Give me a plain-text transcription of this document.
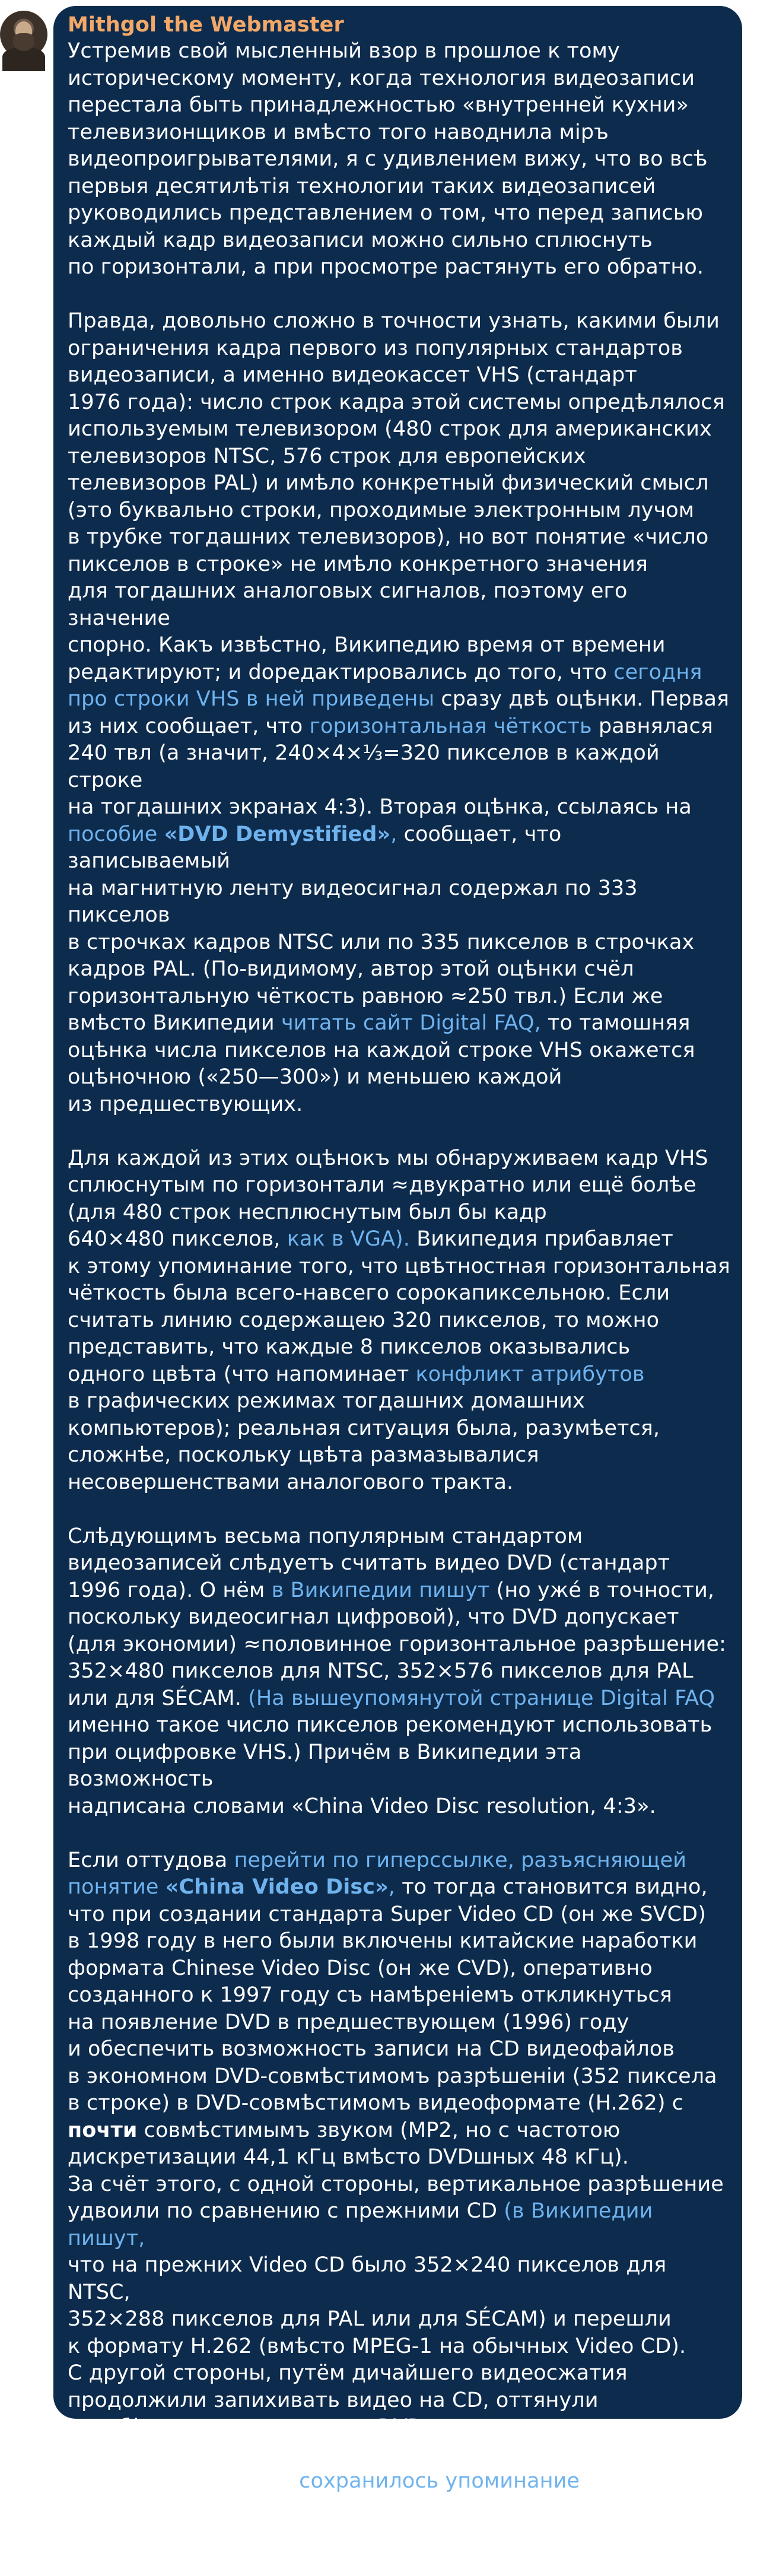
Mithgol the Webmaster
Устремив свой мысленный взор в прошлое к тому
историческому моменту, когда технология видеозаписи
перестала быть принадлежностью «внутренней кухни»
телевизионщиков и вмѣсто того наводнила мiръ
видеопроигрывателями, я с удивлением вижу, что во всѣ
первыя десятилѣтія технологии таких видеозаписей
руководились представлением о том, что перед записью
каждый кадр видеозаписи можно сильно сплюснуть
по горизонтали, а при просмотре растянуть его обратно.
Правда, довольно сложно в точности узнать, какими были
ограничения кадра первого из популярных стандартов
видеозаписи, а именно видеокассет VHS (стандарт
1976 года): число строк кадра этой системы опредѣлялося
используемым телевизором (480 строк для американских
телевизоров NTSC, 576 строк для европейских
телевизоров PAL) и имѣло конкретный физический смысл
(это буквально строки, проходимые электронным лучом
в трубке тогдашних телевизоров), но вот понятие «число
пикселов в строке» не имѣло конкретного значения
для тогдашних аналоговых сигналов, поэтому его значение
спорно. Какъ извѣстно, Википедию время от времени
редактируют; и doредактировались до того, что сегодня
про строки VHS в ней приведены сразу двѣ оцѣнки. Первая
из них сообщает, что горизонтальная чёткость равнялася
240 твл (а значит, 240×4×⅓=320 пикселов в каждой строке
на тогдашних экранах 4:3). Вторая оцѣнка, ссылаясь на
пособие «DVD Demystified», сообщает, что записываемый
на магнитную ленту видеосигнал содержал по 333 пикселов
в строчках кадров NTSC или по 335 пикселов в строчках
кадров PAL. (По-видимому, автор этой оцѣнки счёл
горизонтальную чёткость равною ≈250 твл.) Если же
вмѣсто Википедии читать сайт Digital FAQ, то тамошняя
оцѣнка числа пикселов на каждой строке VHS окажется
оцѣночною («250—300») и меньшею каждой
из предшествующих.
Для каждой из этих оцѣнокъ мы обнаруживаем кадр VHS
сплюснутым по горизонтали ≈двукратно или ещё болѣе
(для 480 строк несплюснутым был бы кадр
640×480 пикселов, как в VGA). Википедия прибавляет
к этому упоминание того, что цвѣтностная горизонтальная
чёткость была всего-навсего сорокапиксельною. Если
считать линию содержащею 320 пикселов, то можно
представить, что каждые 8 пикселов оказывались
одного цвѣта (что напоминает конфликт атрибутов
в графических режимах тогдашних домашних
компьютеров); реальная ситуация была, разумѣется,
сложнѣе, поскольку цвѣта размазывалися
несовершенствами аналогового тракта.
Слѣдующимъ весьма популярным стандартом
видеозаписей слѣдуетъ считать видео DVD (стандарт
1996 года). О нём в Википедии пишут (но ужé в точности,
поскольку видеосигнал цифровой), что DVD допускает
(для экономии) ≈половинное горизонтальное разрѣшение:
352×480 пикселов для NTSC, 352×576 пикселов для PAL
или для SÉCAM. (На вышеупомянутой странице Digital FAQ
именно такое число пикселов рекомендуют использовать
при оцифровке VHS.) Причём в Википедии эта возможность
надписана словами «China Video Disc resolution, 4:3».
Если оттудова перейти по гиперссылке, разъясняющей
понятие «China Video Disc», то тогда становится видно,
что при создании стандарта Super Video CD (он же SVCD)
в 1998 году в него были включены китайские наработки
формата Chinese Video Disc (он же CVD), оперативно
созданного к 1997 году съ намѣреніемъ откликнуться
на появление DVD в предшествующем (1996) году
и обеспечить возможность записи на CD видеофайлов
в экономном DVD-совмѣстимомъ разрѣшеніи (352 пиксела
в строке) в DVD-совмѣстимомъ видеоформате (H.262) с
почти совмѣстимымъ звуком (MP2, но с частотою
дискретизации 44,1 кГц вмѣсто DVDшных 48 кГц).
За счёт этого, с одной стороны, вертикальное разрѣшение
удвоили по сравнению с прежними CD (в Википедии пишут,
что на прежних Video CD было 352×240 пикселов для NTSC,
352×288 пикселов для PAL или для SÉCAM) и перешли
к формату H.262 (вмѣсто MPEG-1 на обычных Video CD).
С другой стороны, путём дичайшего видеосжатия
продолжили запихивать видео на CD, оттянули
неизбѣжность перехода на DVD.
В Архиве Интернета сохранилось упоминание и о том,
что ещё в 2009 году сплюснутыми по горизонтали
(до 544×576 пикселов) были кадры нѣсколькихъ каналов
британского цифрового телевѣщанія.
